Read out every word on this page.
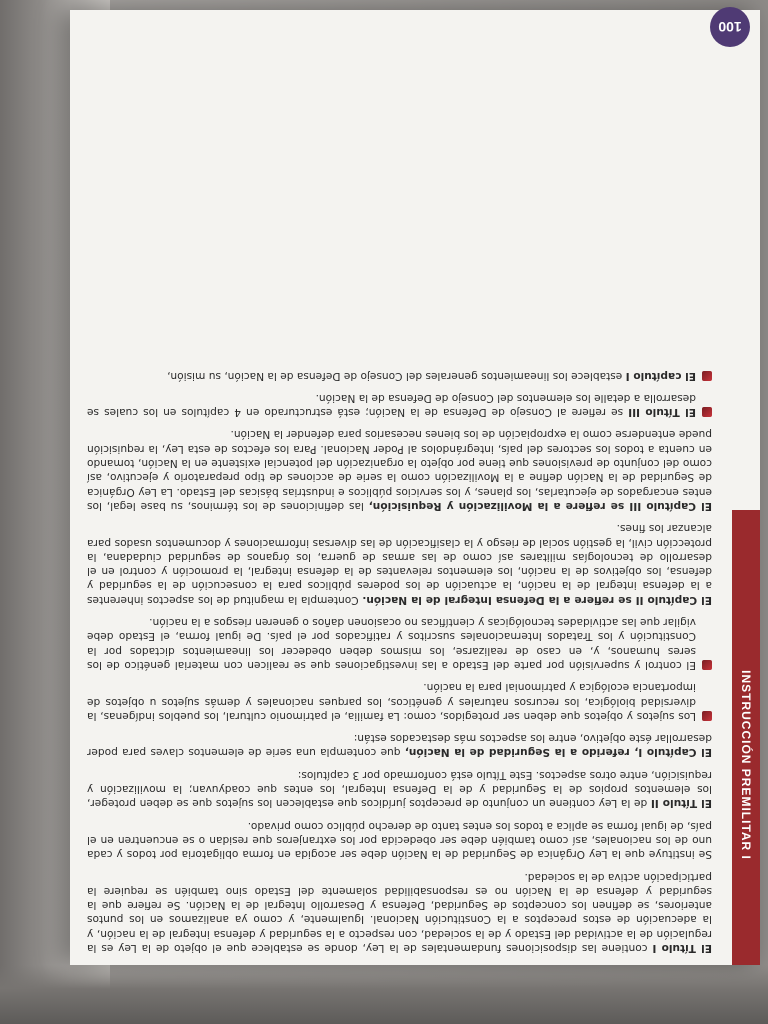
INSTRUCCIÓN PREMILITAR I
100

El Título I contiene las disposiciones fundamentales de la Ley, donde se establece que el objeto de la Ley es la regulación de la actividad del Estado y de la sociedad, con respecto a la seguridad y defensa integral de la nación, y la adecuación de estos preceptos a la Constitución Nacional. Igualmente, y como ya analizamos en los puntos anteriores, se definen los conceptos de Seguridad, Defensa y Desarrollo Integral de la Nación. Se refiere que la seguridad y defensa de la Nación no es responsabilidad solamente del Estado sino también se requiere la participación activa de la sociedad.

Se instituye que la Ley Orgánica de Seguridad de la Nación debe ser acogida en forma obligatoria por todos y cada uno de los nacionales, así como también debe ser obedecida por los extranjeros que residan o se encuentren en el país, de igual forma se aplica a todos los entes tanto de derecho público como privado.

El Título II de la Ley contiene un conjunto de preceptos jurídicos que establecen los sujetos que se deben proteger, los elementos propios de la Seguridad y de la Defensa Integral, los entes que coadyuvan; la movilización y requisición, entre otros aspectos. Este Título está conformado por 3 capítulos:

El Capítulo I, referido a la Seguridad de la Nación, que contempla una serie de elementos claves para poder desarrollar éste objetivo, entre los aspectos más destacados están:

Los sujetos y objetos que deben ser protegidos, como: La familia, el patrimonio cultural, los pueblos indígenas, la diversidad biológica, los recursos naturales y genéticos, los parques nacionales y demás sujetos u objetos de importancia ecológica y patrimonial para la nación.
El control y supervisión por parte del Estado a las investigaciones que se realicen con material genético de los seres humanos, y, en caso de realizarse, los mismos deben obedecer los lineamientos dictados por la Constitución y los Tratados Internacionales suscritos y ratificados por el país. De igual forma, el Estado debe vigilar que las actividades tecnológicas y científicas no ocasionen daños o generen riesgos a la nación.

El Capítulo II se refiere a la Defensa Integral de la Nación. Contempla la magnitud de los aspectos inherentes a la defensa integral de la nación, la actuación de los poderes públicos para la consecución de la seguridad y defensa, los objetivos de la nación, los elementos relevantes de la defensa integral, la promoción y control en el desarrollo de tecnologías militares así como de las armas de guerra, los órganos de seguridad ciudadana, la protección civil, la gestión social de riesgo y la clasificación de las diversas informaciones y documentos usados para alcanzar los fines.

El Capítulo III se refiere a la Movilización y Requisición, las definiciones de los términos, su base legal, los entes encargados de ejecutarlas, los planes, y los servicios públicos e industrias básicas del Estado. La Ley Orgánica de Seguridad de la Nación define a la Movilización como la serie de acciones de tipo preparatorio y ejecutivo, así como del conjunto de previsiones que tiene por objeto la organización del potencial existente en la Nación, tomando en cuenta a todos los sectores del país, integrándolos al Poder Nacional. Para los efectos de esta Ley, la requisición puede entenderse como la expropiación de los bienes necesarios para defender la Nación.

El Título III se refiere al Consejo de Defensa de la Nación; está estructurado en 4 capítulos en los cuales se desarrolla a detalle los elementos del Consejo de Defensa de la Nación.
El capítulo I establece los lineamientos generales del Consejo de Defensa de la Nación, su misión,
